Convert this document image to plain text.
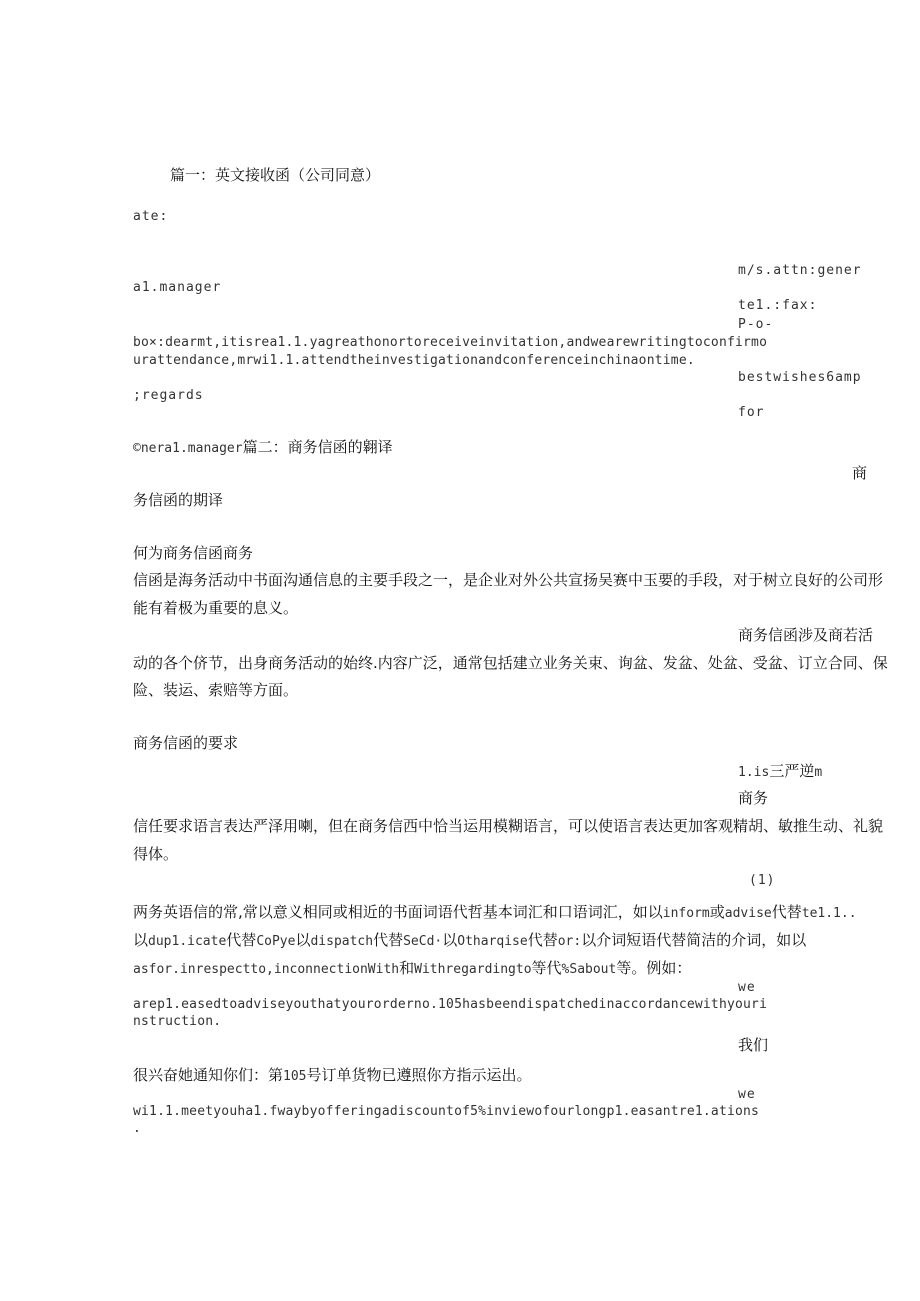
篇一：英文接收函（公司同意）
ate:
m∕s.attn:gener
a1.manager
te1.:fax:
P-o-
bo×:dearmt,itisrea1.1.yagreathonortoreceiveinvitation,andwearewritingtoconfirmo
urattendance,mrwi1.1.attendtheinvestigationandconferenceinchinaontime.
bestwishes6amp
;regards
for
©nera1.manager篇二：商务信函的翱译
商
务信函的期译
何为商务信函商务
信函是海务活动中书面沟通信息的主要手段之一，是企业对外公共宣扬吴赛中玉要的手段，对于树立良好的公司形
能有着极为重要的息义。
商务信函涉及商若活
动的各个侪节，出身商务活动的始终.内容广泛，通常包括建立业务关束、询盆、发盆、处盆、受盆、订立合同、保
险、装运、索赔等方面。
商务信函的要求
1.is三严逆m
商务
信任要求语言表达严泽用喇，但在商务信西中恰当运用模糊语言，可以使语言表达更加客观精胡、敏推生动、礼貌
得体。
(1)
两务英语信的常,常以意义相同或相近的书面词语代哲基本词汇和口语词汇，如以inform或advise代替te1.1..
以dup1.icate代替CoPye以dispatch代替SeCd·以Otharqise代替or:以介词短语代替简洁的介词，如以
asfor.inrespectto,inconnectionWith和Withregardingto等代%Sabout等。例如：
we
arep1.easedtoadviseyouthatyourorderno.105hasbeendispatchedinaccordancewithyouri
nstruction.
我们
很兴奋她通知你们：第105号订单货物已遵照你方指示运出。
we
wi1.1.meetyouha1.fwaybyofferingadiscountof5%inviewofourlongp1.easantre1.ations
.
